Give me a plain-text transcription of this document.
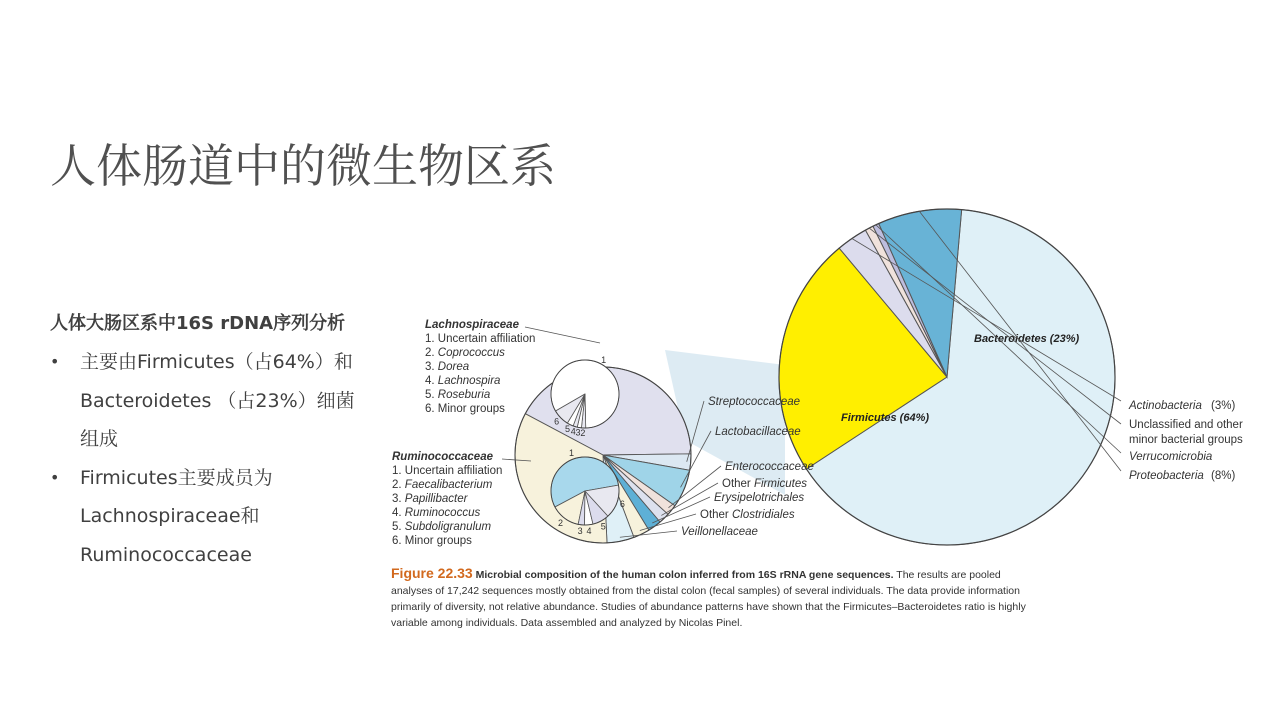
人体肠道中的微生物区系
人体大肠区系中16S rDNA序列分析
• 主要由Firmicutes（占64%）和Bacteroidetes （占23%）细菌组成
• Firmicutes主要成员为Lachnospiraceae和Ruminococcaceae
Firmicutes (64%)
Bacteroidetes (23%)
Actinobacteria (3%)
Unclassified and other
minor bacterial groups
Verrucomicrobia
Proteobacteria (8%)
Streptococcaceae
Lactobacillaceae
Enterococcaceae
Other Firmicutes
Erysipelotrichales
Other Clostridiales
Veillonellaceae
1
2
3
4
5
6
1
2
3 4 5
6
Lachnospiraceae
1. Uncertain affiliation
2. Coprococcus
3. Dorea
4. Lachnospira
5. Roseburia
6. Minor groups
Ruminococcaceae
1. Uncertain affiliation
2. Faecalibacterium
3. Papillibacter
4. Ruminococcus
5. Subdoligranulum
6. Minor groups
Figure 22.33 Microbial composition of the human colon inferred from 16S rRNA gene sequences. The results are pooled analyses of 17,242 sequences mostly obtained from the distal colon (fecal samples) of several individuals. The data provide information primarily of diversity, not relative abundance. Studies of abundance patterns have shown that the Firmicutes–Bacteroidetes ratio is highly variable among individuals. Data assembled and analyzed by Nicolas Pinel.
